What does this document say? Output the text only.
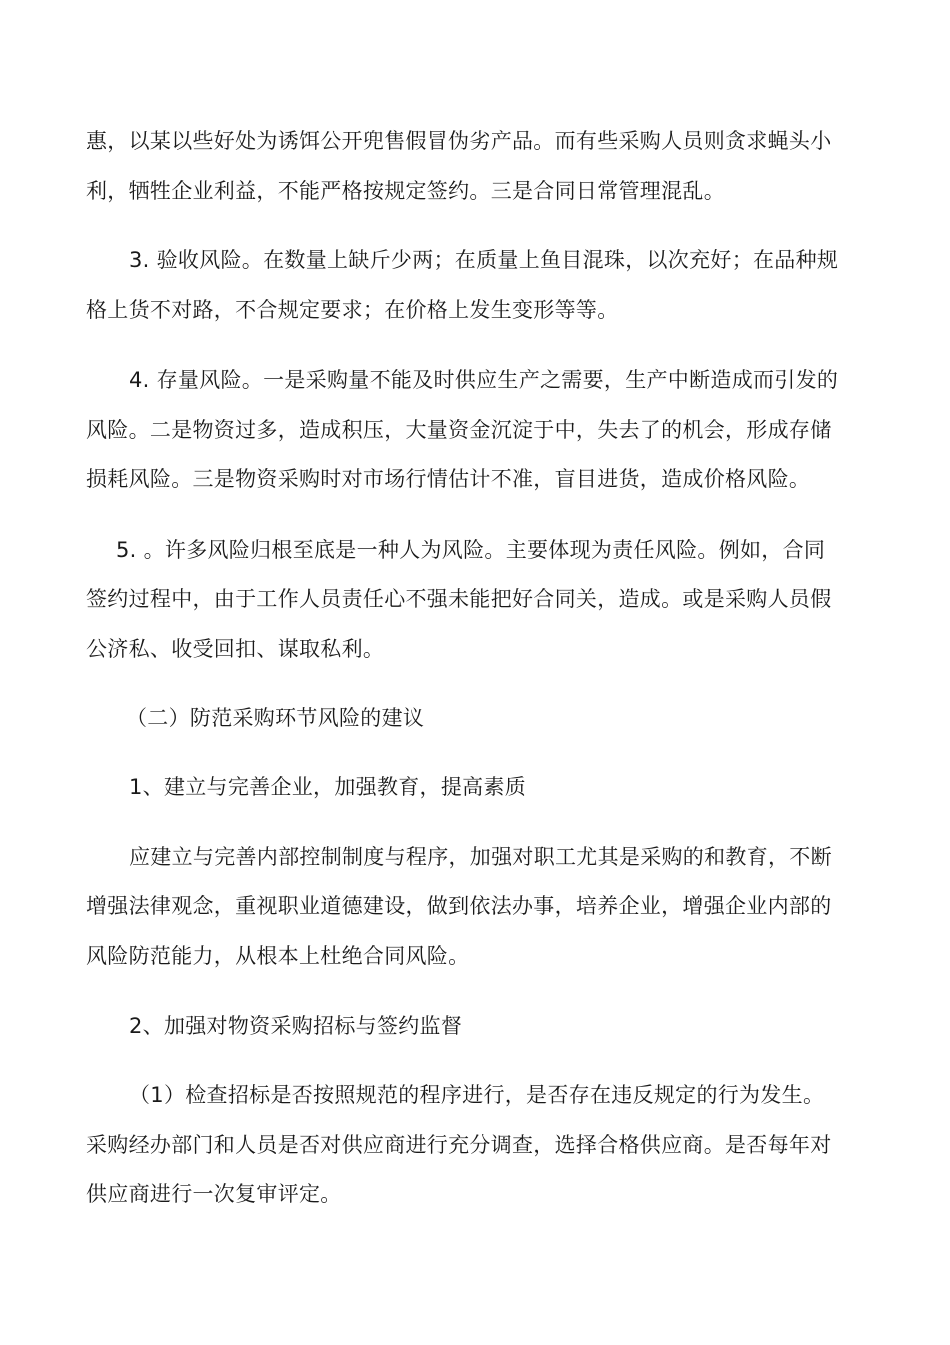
惠，以某以些好处为诱饵公开兜售假冒伪劣产品。而有些采购人员则贪求蝇头小
利，牺牲企业利益，不能严格按规定签约。三是合同日常管理混乱。
3. 验收风险。在数量上缺斤少两；在质量上鱼目混珠，以次充好；在品种规
格上货不对路，不合规定要求；在价格上发生变形等等。
4. 存量风险。一是采购量不能及时供应生产之需要，生产中断造成而引发的
风险。二是物资过多，造成积压，大量资金沉淀于中，失去了的机会，形成存储
损耗风险。三是物资采购时对市场行情估计不准，盲目进货，造成价格风险。
5. 。许多风险归根至底是一种人为风险。主要体现为责任风险。例如，合同
签约过程中，由于工作人员责任心不强未能把好合同关，造成。或是采购人员假
公济私、收受回扣、谋取私利。
（二）防范采购环节风险的建议
1、建立与完善企业，加强教育，提高素质
应建立与完善内部控制制度与程序，加强对职工尤其是采购的和教育，不断
增强法律观念，重视职业道德建设，做到依法办事，培养企业，增强企业内部的
风险防范能力，从根本上杜绝合同风险。
2、加强对物资采购招标与签约监督
（1）检查招标是否按照规范的程序进行，是否存在违反规定的行为发生。
采购经办部门和人员是否对供应商进行充分调查，选择合格供应商。是否每年对
供应商进行一次复审评定。
